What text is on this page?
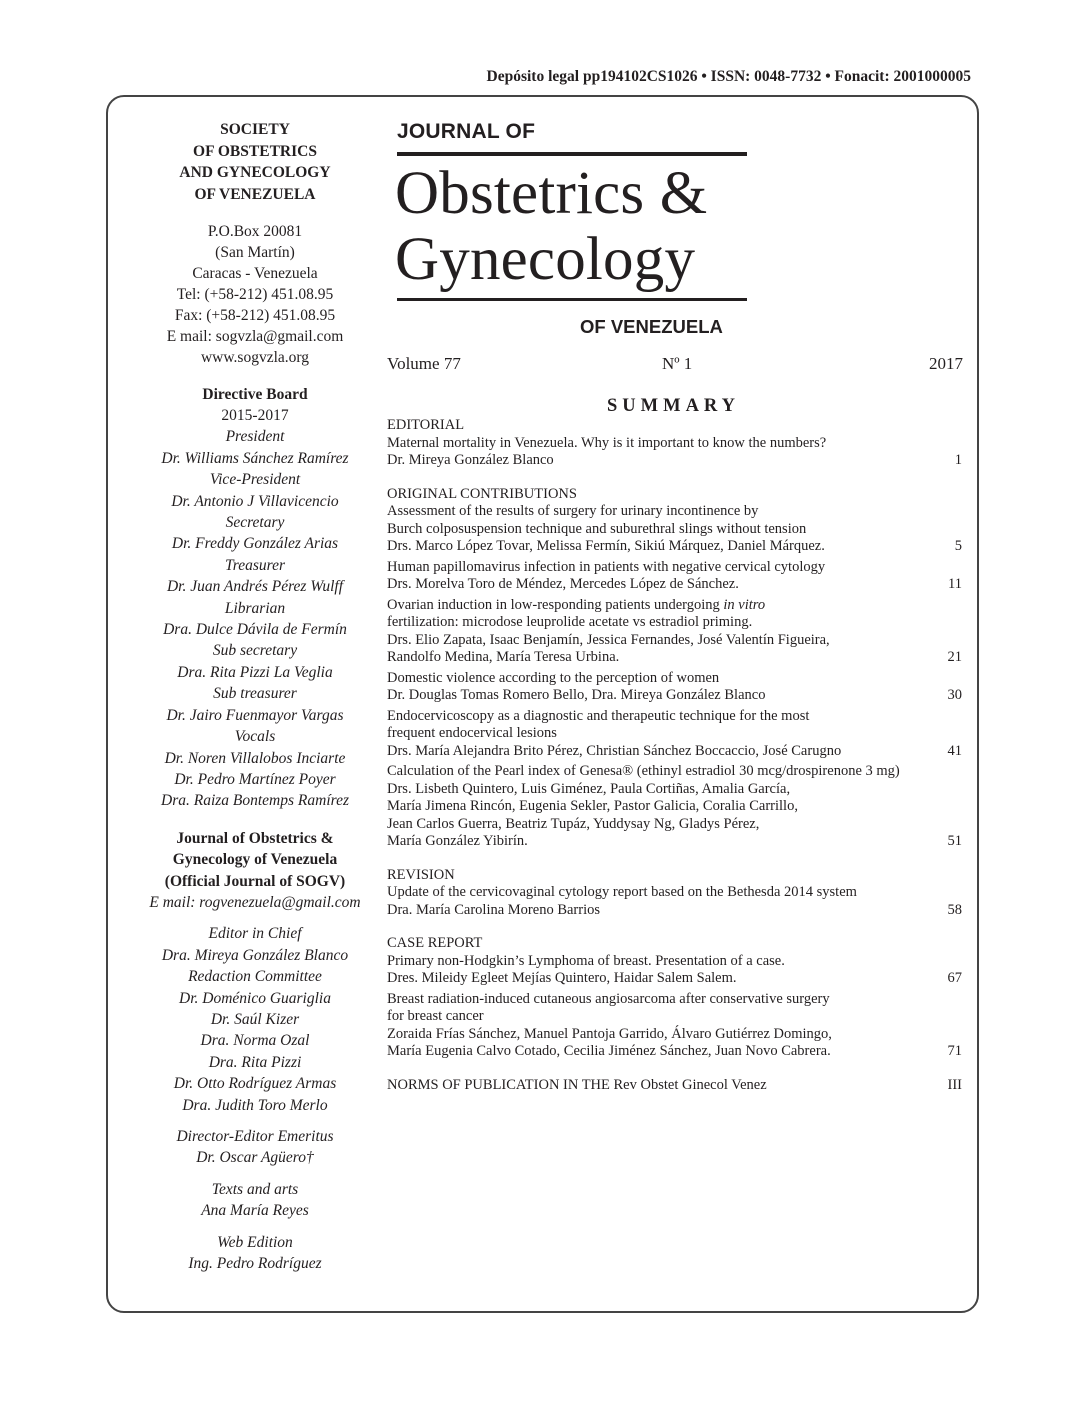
Depósito legal pp194102CS1026 • ISSN: 0048-7732 • Fonacit: 2001000005
SOCIETY
OF OBSTETRICS
AND GYNECOLOGY
OF VENEZUELA
P.O.Box 20081
(San Martín)
Caracas - Venezuela
Tel: (+58-212) 451.08.95
Fax: (+58-212) 451.08.95
E mail: sogvzla@gmail.com
www.sogvzla.org
Directive Board
2015-2017
President
Dr. Williams Sánchez Ramírez
Vice-President
Dr. Antonio J Villavicencio
Secretary
Dr. Freddy González Arias
Treasurer
Dr. Juan Andrés Pérez Wulff
Librarian
Dra. Dulce Dávila de Fermín
Sub secretary
Dra. Rita Pizzi La Veglia
Sub treasurer
Dr. Jairo Fuenmayor Vargas
Vocals
Dr. Noren Villalobos Inciarte
Dr. Pedro Martínez Poyer
Dra. Raiza Bontemps Ramírez
Journal of Obstetrics &
Gynecology of Venezuela
(Official Journal of SOGV)
E mail: rogvenezuela@gmail.com
Editor in Chief
Dra. Mireya González Blanco
Redaction Committee
Dr. Doménico Guariglia
Dr. Saúl Kizer
Dra. Norma Ozal
Dra. Rita Pizzi
Dr. Otto Rodríguez Armas
Dra. Judith Toro Merlo
Director-Editor Emeritus
Dr. Oscar Agüero†
Texts and arts
Ana María Reyes
Web Edition
Ing. Pedro Rodríguez
JOURNAL OF
Obstetrics &
Gynecology
OF VENEZUELA
Volume 77	Nº 1	2017
SUMMARY
EDITORIAL
Maternal mortality in Venezuela. Why is it important to know the numbers?
Dr. Mireya González Blanco	1
ORIGINAL CONTRIBUTIONS
Assessment of the results of surgery for urinary incontinence by
Burch colposuspension technique and suburethral slings without tension
Drs. Marco López Tovar, Melissa Fermín, Sikiú Márquez, Daniel Márquez.	5
Human papillomavirus infection in patients with negative cervical cytology
Drs. Morelva Toro de Méndez, Mercedes López de Sánchez.	11
Ovarian induction in low-responding patients undergoing in vitro
fertilization: microdose leuprolide acetate vs estradiol priming.
Drs. Elio Zapata, Isaac Benjamín, Jessica Fernandes, José Valentín Figueira,
Randolfo Medina, María Teresa Urbina.	21
Domestic violence according to the perception of women
Dr. Douglas Tomas Romero Bello, Dra. Mireya González Blanco	30
Endocervicoscopy as a diagnostic and therapeutic technique for the most
frequent endocervical lesions
Drs. María Alejandra Brito Pérez, Christian Sánchez Boccaccio, José Carugno	41
Calculation of the Pearl index of Genesa® (ethinyl estradiol 30 mcg/drospirenone 3 mg)
Drs. Lisbeth Quintero, Luis Giménez, Paula Cortiñas, Amalia García,
María Jimena Rincón, Eugenia Sekler, Pastor Galicia, Coralia Carrillo,
Jean Carlos Guerra, Beatriz Tupáz, Yuddysay Ng, Gladys Pérez,
María González Yibirín.	51
REVISION
Update of the cervicovaginal cytology report based on the Bethesda 2014 system
Dra. María Carolina Moreno Barrios	58
CASE REPORT
Primary non-Hodgkin’s Lymphoma of breast. Presentation of a case.
Dres. Mileidy Egleet Mejías Quintero, Haidar Salem Salem.	67
Breast radiation-induced cutaneous angiosarcoma after conservative surgery
for breast cancer
Zoraida Frías Sánchez, Manuel Pantoja Garrido, Álvaro Gutiérrez Domingo,
María Eugenia Calvo Cotado, Cecilia Jiménez Sánchez, Juan Novo Cabrera.	71
NORMS OF PUBLICATION IN THE Rev Obstet Ginecol Venez	III
